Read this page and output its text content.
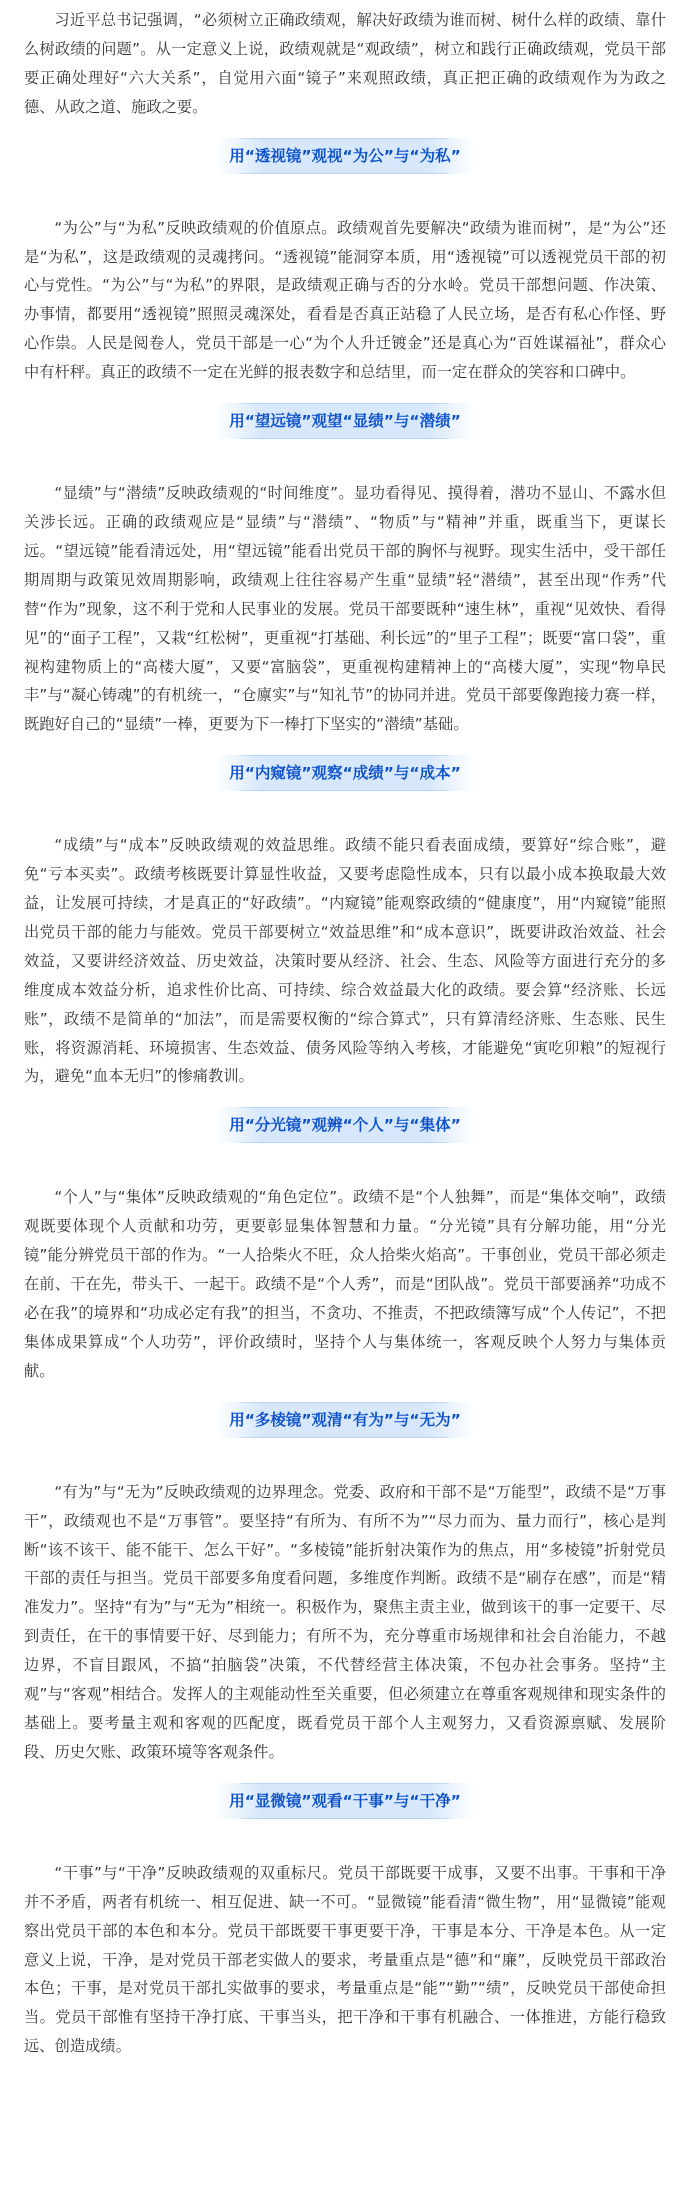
习近平总书记强调，“必须树立正确政绩观，解决好政绩为谁而树、树什么样的政绩、靠什么树政绩的问题”。从一定意义上说，政绩观就是“观政绩”，树立和践行正确政绩观，党员干部要正确处理好“六大关系”，自觉用六面“镜子”来观照政绩，真正把正确的政绩观作为为政之德、从政之道、施政之要。

用“透视镜”观视“为公”与“为私”

“为公”与“为私”反映政绩观的价值原点。政绩观首先要解决“政绩为谁而树”，是“为公”还是“为私”，这是政绩观的灵魂拷问。“透视镜”能洞穿本质，用“透视镜”可以透视党员干部的初心与党性。“为公”与“为私”的界限，是政绩观正确与否的分水岭。党员干部想问题、作决策、办事情，都要用“透视镜”照照灵魂深处，看看是否真正站稳了人民立场，是否有私心作怪、野心作祟。人民是阅卷人，党员干部是一心“为个人升迁镀金”还是真心为“百姓谋福祉”，群众心中有杆秤。真正的政绩不一定在光鲜的报表数字和总结里，而一定在群众的笑容和口碑中。

用“望远镜”观望“显绩”与“潜绩”

“显绩”与“潜绩”反映政绩观的“时间维度”。显功看得见、摸得着，潜功不显山、不露水但关涉长远。正确的政绩观应是“显绩”与“潜绩”、“物质”与“精神”并重，既重当下，更谋长远。“望远镜”能看清远处，用“望远镜”能看出党员干部的胸怀与视野。现实生活中，受干部任期周期与政策见效周期影响，政绩观上往往容易产生重“显绩”轻“潜绩”，甚至出现“作秀”代替“作为”现象，这不利于党和人民事业的发展。党员干部要既种“速生林”，重视“见效快、看得见”的“面子工程”，又栽“红松树”，更重视“打基础、利长远”的“里子工程”；既要“富口袋”，重视构建物质上的“高楼大厦”，又要“富脑袋”，更重视构建精神上的“高楼大厦”，实现“物阜民丰”与“凝心铸魂”的有机统一，“仓廪实”与“知礼节”的协同并进。党员干部要像跑接力赛一样，既跑好自己的“显绩”一棒，更要为下一棒打下坚实的“潜绩”基础。

用“内窥镜”观察“成绩”与“成本”

“成绩”与“成本”反映政绩观的效益思维。政绩不能只看表面成绩，要算好“综合账”，避免“亏本买卖”。政绩考核既要计算显性收益，又要考虑隐性成本，只有以最小成本换取最大效益，让发展可持续，才是真正的“好政绩”。“内窥镜”能观察政绩的“健康度”，用“内窥镜”能照出党员干部的能力与能效。党员干部要树立“效益思维”和“成本意识”，既要讲政治效益、社会效益，又要讲经济效益、历史效益，决策时要从经济、社会、生态、风险等方面进行充分的多维度成本效益分析，追求性价比高、可持续、综合效益最大化的政绩。要会算“经济账、长远账”，政绩不是简单的“加法”，而是需要权衡的“综合算式”，只有算清经济账、生态账、民生账，将资源消耗、环境损害、生态效益、债务风险等纳入考核，才能避免“寅吃卯粮”的短视行为，避免“血本无归”的惨痛教训。

用“分光镜”观辨“个人”与“集体”

“个人”与“集体”反映政绩观的“角色定位”。政绩不是“个人独舞”，而是“集体交响”，政绩观既要体现个人贡献和功劳，更要彰显集体智慧和力量。“分光镜”具有分解功能，用“分光镜”能分辨党员干部的作为。“一人拾柴火不旺，众人拾柴火焰高”。干事创业，党员干部必须走在前、干在先，带头干、一起干。政绩不是“个人秀”，而是“团队战”。党员干部要涵养“功成不必在我”的境界和“功成必定有我”的担当，不贪功、不推责，不把政绩簿写成“个人传记”，不把集体成果算成“个人功劳”，评价政绩时，坚持个人与集体统一，客观反映个人努力与集体贡献。

用“多棱镜”观清“有为”与“无为”

“有为”与“无为”反映政绩观的边界理念。党委、政府和干部不是“万能型”，政绩不是“万事干”，政绩观也不是“万事管”。要坚持“有所为、有所不为”“尽力而为、量力而行”，核心是判断“该不该干、能不能干、怎么干好”。“多棱镜”能折射决策作为的焦点，用“多棱镜”折射党员干部的责任与担当。党员干部要多角度看问题，多维度作判断。政绩不是“刷存在感”，而是“精准发力”。坚持“有为”与“无为”相统一。积极作为，聚焦主责主业，做到该干的事一定要干、尽到责任，在干的事情要干好、尽到能力；有所不为，充分尊重市场规律和社会自治能力，不越边界，不盲目跟风，不搞“拍脑袋”决策，不代替经营主体决策，不包办社会事务。坚持“主观”与“客观”相结合。发挥人的主观能动性至关重要，但必须建立在尊重客观规律和现实条件的基础上。要考量主观和客观的匹配度，既看党员干部个人主观努力，又看资源禀赋、发展阶段、历史欠账、政策环境等客观条件。

用“显微镜”观看“干事”与“干净”

“干事”与“干净”反映政绩观的双重标尺。党员干部既要干成事，又要不出事。干事和干净并不矛盾，两者有机统一、相互促进、缺一不可。“显微镜”能看清“微生物”，用“显微镜”能观察出党员干部的本色和本分。党员干部既要干事更要干净，干事是本分、干净是本色。从一定意义上说，干净，是对党员干部老实做人的要求，考量重点是“德”和“廉”，反映党员干部政治本色；干事，是对党员干部扎实做事的要求，考量重点是“能”“勤”“绩”，反映党员干部使命担当。党员干部惟有坚持干净打底、干事当头，把干净和干事有机融合、一体推进，方能行稳致远、创造成绩。
